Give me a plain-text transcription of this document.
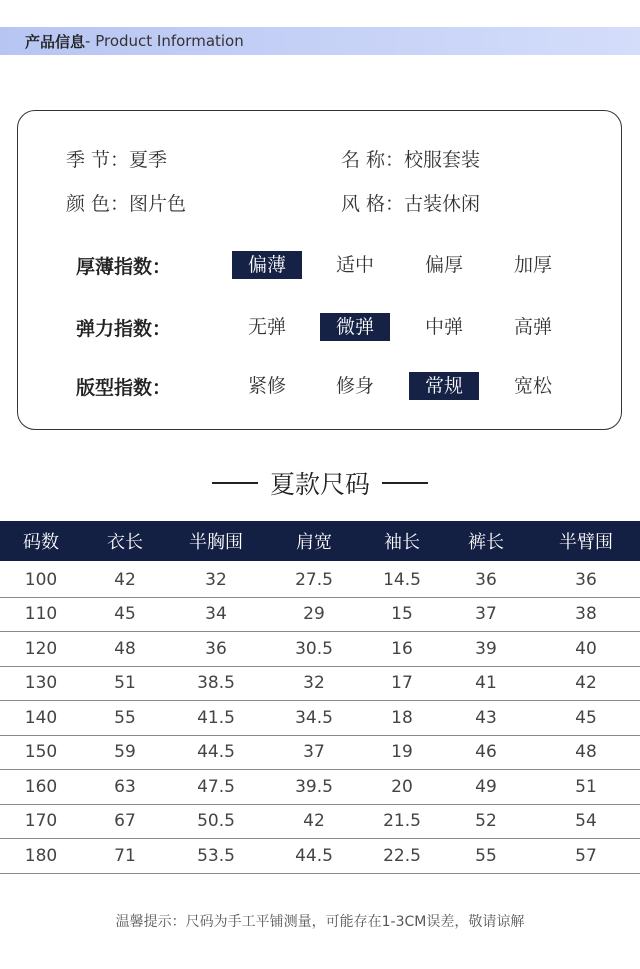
产品信息 - Product Information
季 节：夏季	名 称：校服套装
颜 色：图片色	风 格：古装休闲
厚薄指数：	偏薄	适中	偏厚	加厚
弹力指数：	无弹	微弹	中弹	高弹
版型指数：	紧修	修身	常规	宽松
夏款尺码
码数	衣长	半胸围	肩宽	袖长	裤长	半臂围
100	42	32	27.5	14.5	36	36
110	45	34	29	15	37	38
120	48	36	30.5	16	39	40
130	51	38.5	32	17	41	42
140	55	41.5	34.5	18	43	45
150	59	44.5	37	19	46	48
160	63	47.5	39.5	20	49	51
170	67	50.5	42	21.5	52	54
180	71	53.5	44.5	22.5	55	57
温馨提示：尺码为手工平铺测量，可能存在1-3CM误差，敬请谅解
